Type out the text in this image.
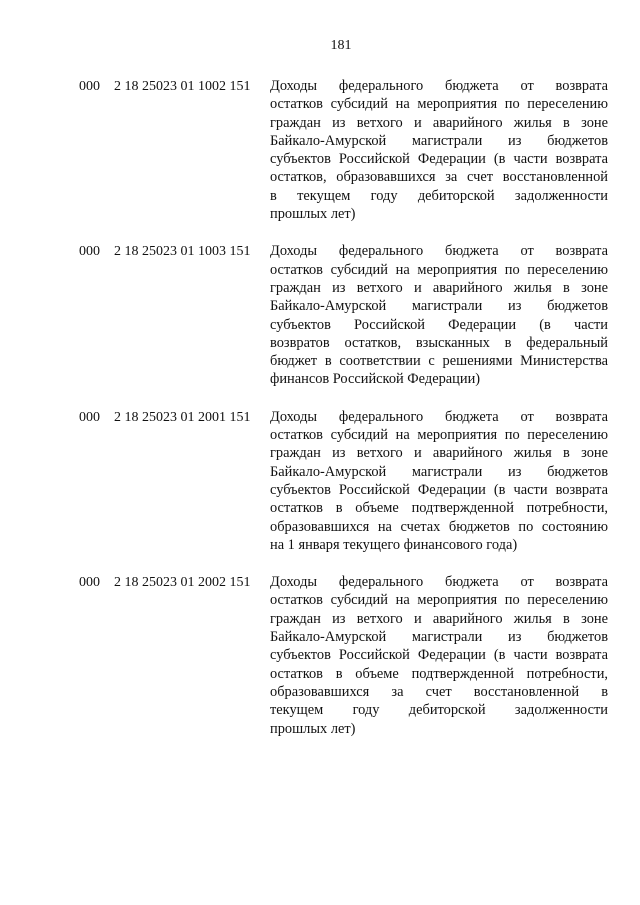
181
000 2 18 25023 01 1002 151 Доходы федерального бюджета от возврата
остатков субсидий на мероприятия по переселению
граждан из ветхого и аварийного жилья в зоне
Байкало-Амурской магистрали из бюджетов
субъектов Российской Федерации (в части возврата
остатков, образовавшихся за счет восстановленной
в текущем году дебиторской задолженности
прошлых лет)
000 2 18 25023 01 1003 151 Доходы федерального бюджета от возврата
остатков субсидий на мероприятия по переселению
граждан из ветхого и аварийного жилья в зоне
Байкало-Амурской магистрали из бюджетов
субъектов Российской Федерации (в части
возвратов остатков, взысканных в федеральный
бюджет в соответствии с решениями Министерства
финансов Российской Федерации)
000 2 18 25023 01 2001 151 Доходы федерального бюджета от возврата
остатков субсидий на мероприятия по переселению
граждан из ветхого и аварийного жилья в зоне
Байкало-Амурской магистрали из бюджетов
субъектов Российской Федерации (в части возврата
остатков в объеме подтвержденной потребности,
образовавшихся на счетах бюджетов по состоянию
на 1 января текущего финансового года)
000 2 18 25023 01 2002 151 Доходы федерального бюджета от возврата
остатков субсидий на мероприятия по переселению
граждан из ветхого и аварийного жилья в зоне
Байкало-Амурской магистрали из бюджетов
субъектов Российской Федерации (в части возврата
остатков в объеме подтвержденной потребности,
образовавшихся за счет восстановленной в
текущем году дебиторской задолженности
прошлых лет)
